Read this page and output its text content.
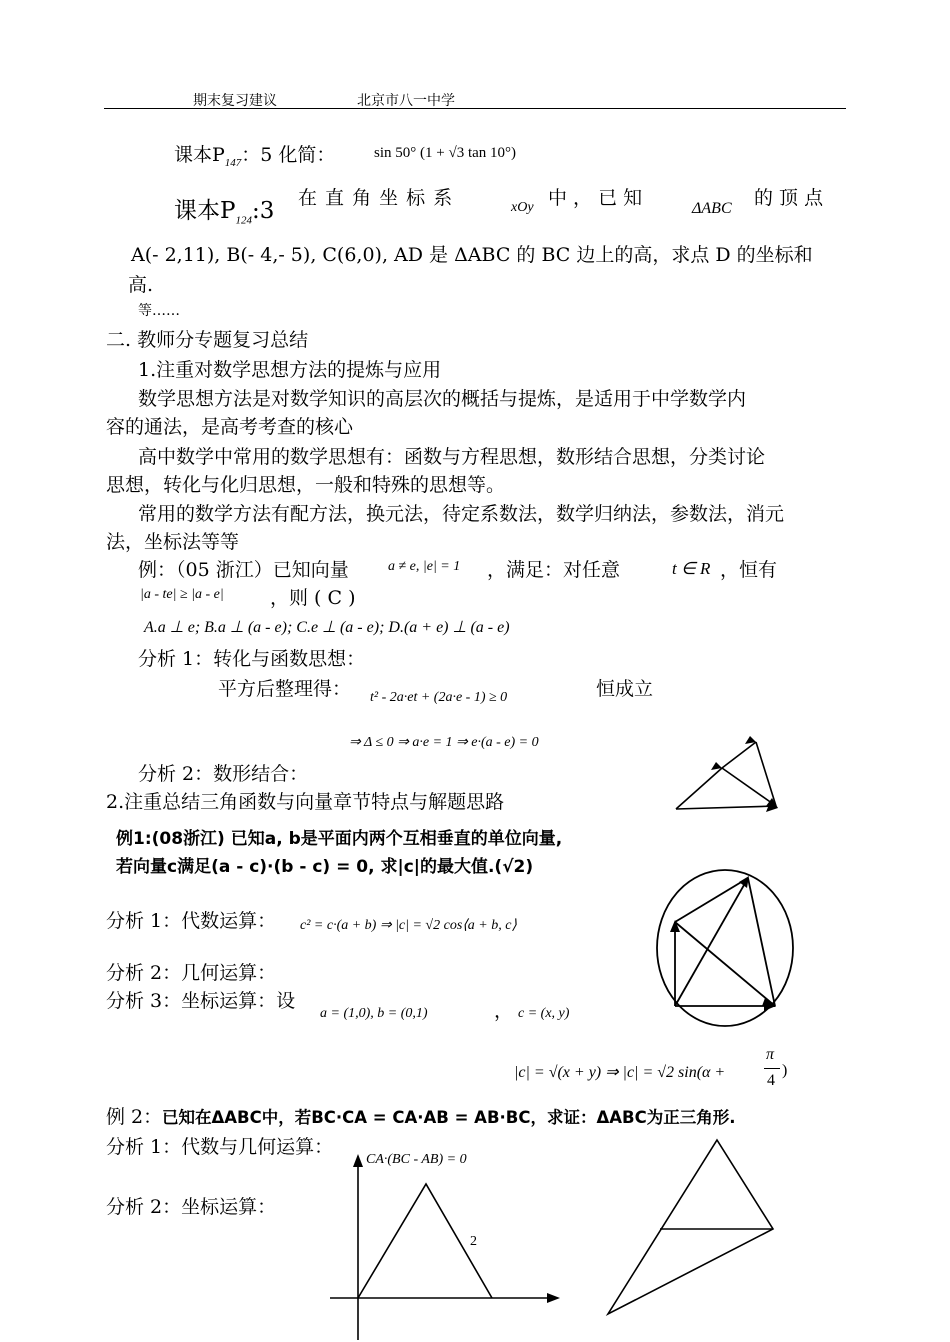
期末复习建议	北京市八一中学
课本$P_{147}$：5 化简：	sin 50° (1 + √3 tan 10°)
课本$P_{124}:3$ 在 直 角 坐 标 系	xOy 中 ， 已 知	ΔABC 的 顶 点
A(- 2,11), B(- 4,- 5), C(6,0), AD 是 ΔABC 的 BC 边上的高，求点 D 的坐标和
高.
等……
二. 教师分专题复习总结
1.注重对数学思想方法的提炼与应用
数学思想方法是对数学知识的高层次的概括与提炼，是适用于中学数学内
容的通法，是高考考查的核心
高中数学中常用的数学思想有：函数与方程思想，数形结合思想，分类讨论
思想，转化与化归思想，一般和特殊的思想等。
常用的数学方法有配方法，换元法，待定系数法，数学归纳法，参数法，消元
法，坐标法等等
例：（05 浙江）已知向量	a ≠ e, |e| = 1 ，满足：对任意	t ∈ R ，恒有
|a - te| ≥ |a - e| ，则 ( C )
A.a ⊥ e; B.a ⊥ (a - e); C.e ⊥ (a - e); D.(a + e) ⊥ (a - e)
分析 1：转化与函数思想：
平方后整理得： t² - 2a·et + (2a·e - 1) ≥ 0	恒成立
⇒ Δ ≤ 0 ⇒ a·e = 1 ⇒ e·(a - e) = 0
分析 2：数形结合：
2.注重总结三角函数与向量章节特点与解题思路
例1:(08浙江) 已知a, b是平面内两个互相垂直的单位向量,
若向量c满足(a - c)·(b - c) = 0, 求|c|的最大值.(√2)
分析 1：代数运算： c² = c·(a + b) ⇒ |c| = √2 cos⟨a + b, c⟩
分析 2：几何运算：
分析 3：坐标运算：设
a = (1,0), b = (0,1)	， c = (x, y)
|c| = √(x + y) ⇒ |c| = √2 sin(α +
π
4
)
例 2： 已知在ΔABC中，若BC·CA = CA·AB = AB·BC，求证：ΔABC为正三角形.
分析 1：代数与几何运算：
CA·(BC - AB) = 0
分析 2：坐标运算：
2
